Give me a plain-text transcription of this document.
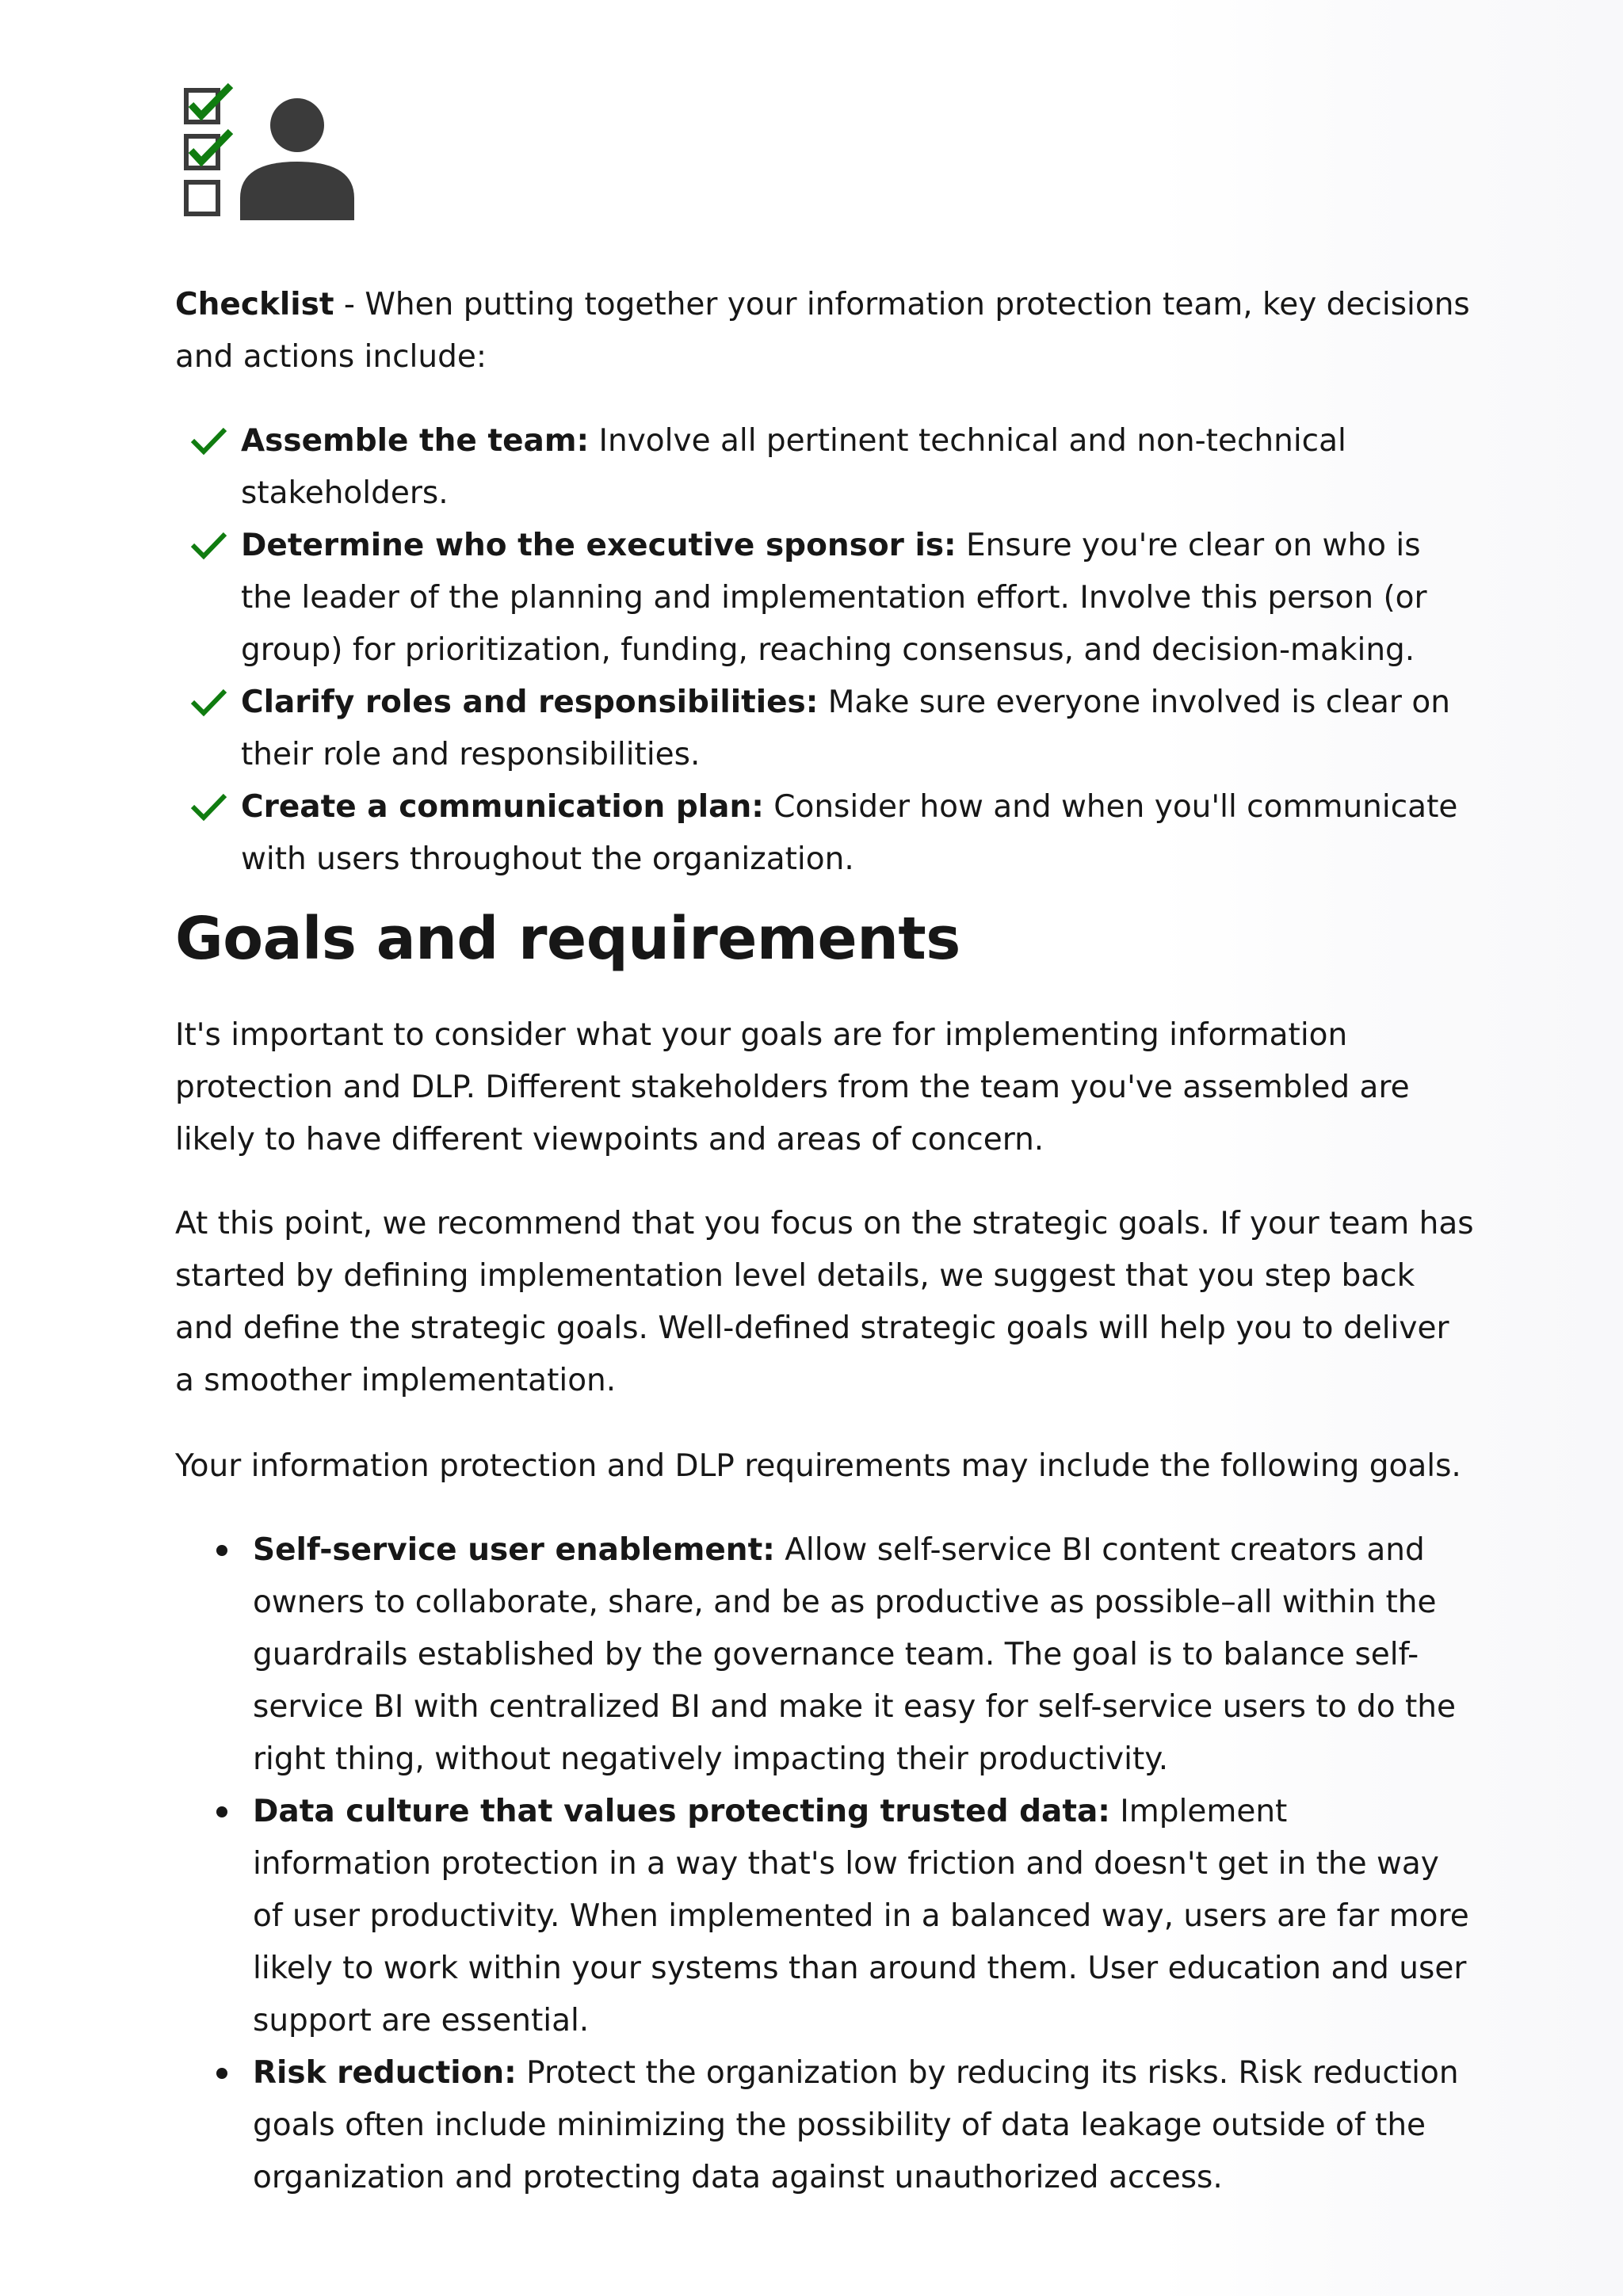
Checklist - When putting together your information protection team, key decisions and actions include:

Assemble the team: Involve all pertinent technical and non-technical stakeholders.
Determine who the executive sponsor is: Ensure you're clear on who is the leader of the planning and implementation effort. Involve this person (or group) for prioritization, funding, reaching consensus, and decision-making.
Clarify roles and responsibilities: Make sure everyone involved is clear on their role and responsibilities.
Create a communication plan: Consider how and when you'll communicate with users throughout the organization.
Goals and requirements

It's important to consider what your goals are for implementing information protection and DLP. Different stakeholders from the team you've assembled are likely to have different viewpoints and areas of concern.

At this point, we recommend that you focus on the strategic goals. If your team has started by defining implementation level details, we suggest that you step back and define the strategic goals. Well-defined strategic goals will help you to deliver a smoother implementation.

Your information protection and DLP requirements may include the following goals.

Self-service user enablement: Allow self-service BI content creators and owners to collaborate, share, and be as productive as possible–all within the guardrails established by the governance team. The goal is to balance self-service BI with centralized BI and make it easy for self-service users to do the right thing, without negatively impacting their productivity.
Data culture that values protecting trusted data: Implement information protection in a way that's low friction and doesn't get in the way of user productivity. When implemented in a balanced way, users are far more likely to work within your systems than around them. User education and user support are essential.
Risk reduction: Protect the organization by reducing its risks. Risk reduction goals often include minimizing the possibility of data leakage outside of the organization and protecting data against unauthorized access.
